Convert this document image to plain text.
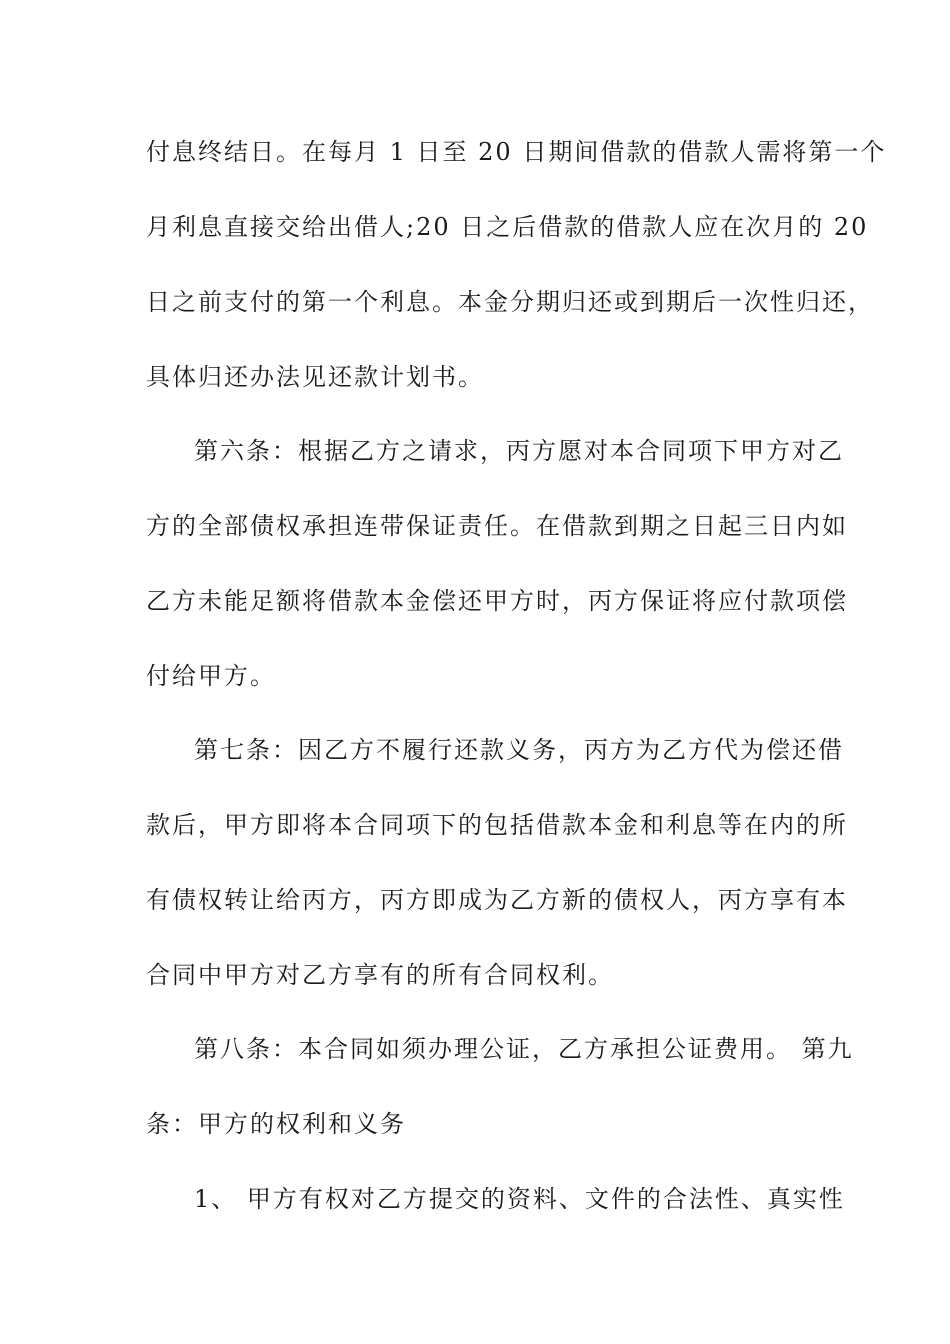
付息终结日。在每月 1 日至 20 日期间借款的借款人需将第一个
月利息直接交给出借人;20 日之后借款的借款人应在次月的 20
日之前支付的第一个利息。本金分期归还或到期后一次性归还，
具体归还办法见还款计划书。
第六条：根据乙方之请求，丙方愿对本合同项下甲方对乙
方的全部债权承担连带保证责任。在借款到期之日起三日内如
乙方未能足额将借款本金偿还甲方时，丙方保证将应付款项偿
付给甲方。
第七条：因乙方不履行还款义务，丙方为乙方代为偿还借
款后，甲方即将本合同项下的包括借款本金和利息等在内的所
有债权转让给丙方，丙方即成为乙方新的债权人，丙方享有本
合同中甲方对乙方享有的所有合同权利。
第八条：本合同如须办理公证，乙方承担公证费用。 第九
条：甲方的权利和义务
1、 甲方有权对乙方提交的资料、文件的合法性、真实性
